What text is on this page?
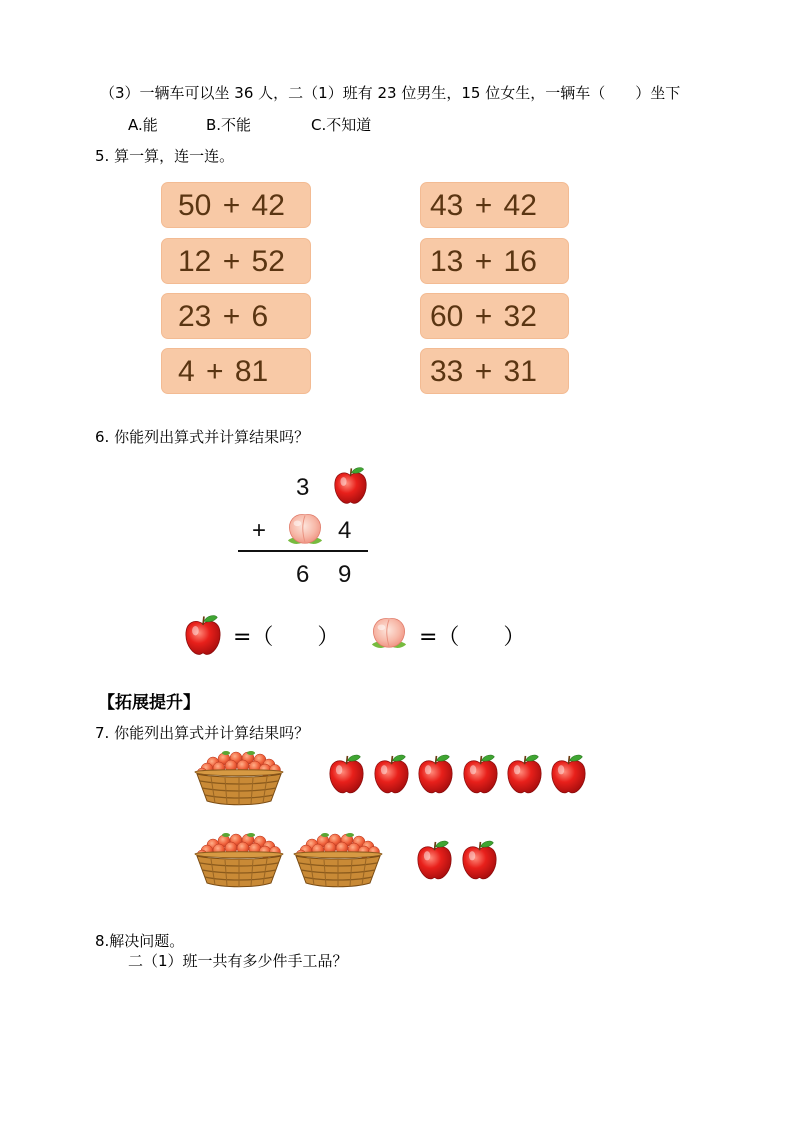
（3）一辆车可以坐 36 人，二（1）班有 23 位男生，15 位女生，一辆车（　　）坐下
A.能	B.不能	C.不知道
5. 算一算，连一连。
50 + 42
12 + 52
23 + 6
4 + 81
43 + 42
13 + 16
60 + 32
33 + 31
6. 你能列出算式并计算结果吗？
3
+	4
6 9
=（　　）	=（　　）
【拓展提升】
7. 你能列出算式并计算结果吗？
8.解决问题。
二（1）班一共有多少件手工品？
